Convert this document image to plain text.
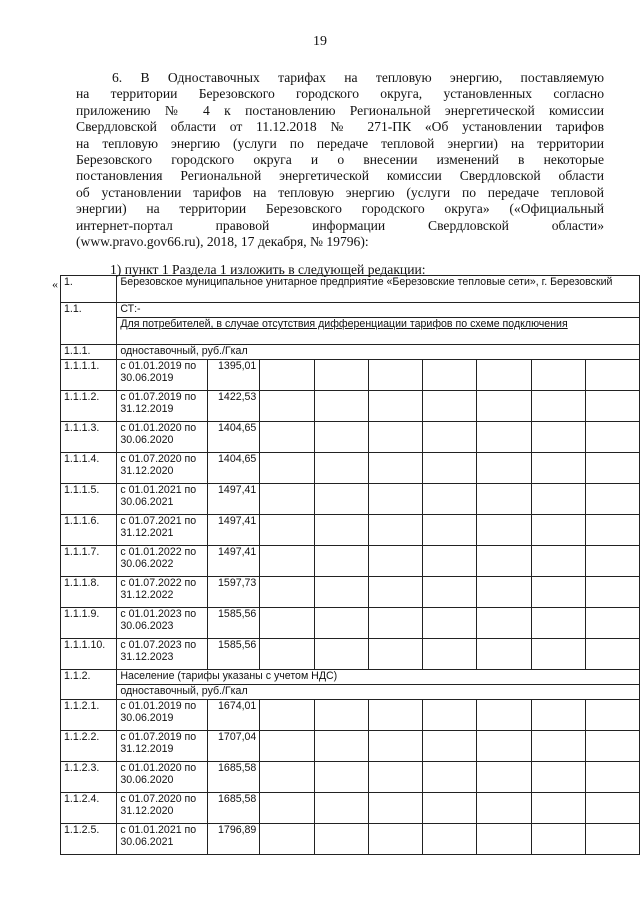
19
6. В Одноставочных тарифах на тепловую энергию, поставляемую
на территории Березовского городского округа, установленных согласно
приложению № 4 к постановлению Региональной энергетической комиссии
Свердловской области от 11.12.2018 № 271-ПК «Об установлении тарифов
на тепловую энергию (услуги по передаче тепловой энергии) на территории
Березовского городского округа и о внесении изменений в некоторые
постановления Региональной энергетической комиссии Свердловской области
об установлении тарифов на тепловую энергию (услуги по передаче тепловой
энергии) на территории Березовского городского округа» («Официальный
интернет-портал правовой информации Свердловской области»
(www.pravo.gov66.ru), 2018, 17 декабря, № 19796):
1) пункт 1 Раздела 1 изложить в следующей редакции:
« 1.	Березовское муниципальное унитарное предприятие «Березовские тепловые сети», г. Березовский								
1.1.	СТ:-								
	Для потребителей, в случае отсутствия дифференциации тарифов по схеме подключения								
1.1.1.	одноставочный, руб./Гкал								
1.1.1.1.	с 01.01.2019 по 30.06.2019	1395,01							
1.1.1.2.	с 01.07.2019 по 31.12.2019	1422,53							
1.1.1.3.	с 01.01.2020 по 30.06.2020	1404,65							
1.1.1.4.	с 01.07.2020 по 31.12.2020	1404,65							
1.1.1.5.	с 01.01.2021 по 30.06.2021	1497,41							
1.1.1.6.	с 01.07.2021 по 31.12.2021	1497,41							
1.1.1.7.	с 01.01.2022 по 30.06.2022	1497,41							
1.1.1.8.	с 01.07.2022 по 31.12.2022	1597,73							
1.1.1.9.	с 01.01.2023 по 30.06.2023	1585,56							
1.1.1.10.	с 01.07.2023 по 31.12.2023	1585,56							
1.1.2.	Население (тарифы указаны с учетом НДС)								
	одноставочный, руб./Гкал								
1.1.2.1.	с 01.01.2019 по 30.06.2019	1674,01							
1.1.2.2.	с 01.07.2019 по 31.12.2019	1707,04							
1.1.2.3.	с 01.01.2020 по 30.06.2020	1685,58							
1.1.2.4.	с 01.07.2020 по 31.12.2020	1685,58							
1.1.2.5.	с 01.01.2021 по 30.06.2021	1796,89							
